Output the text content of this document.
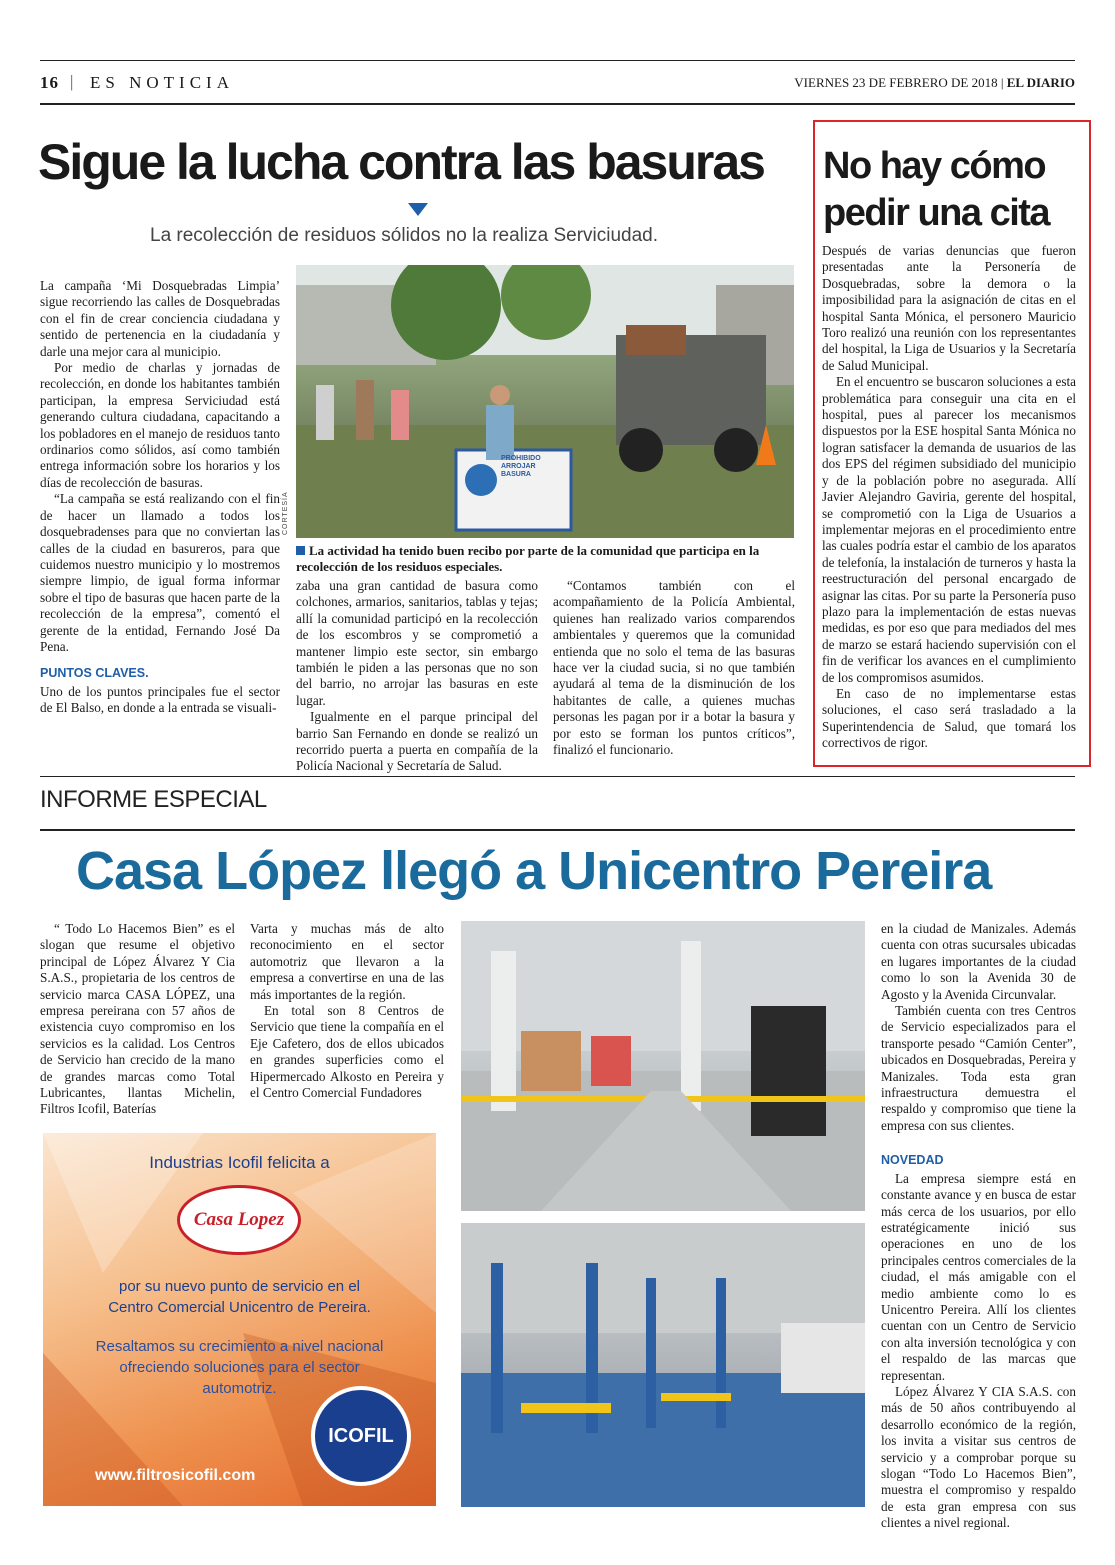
16 | ES NOTICIA	VIERNES 23 DE FEBRERO DE 2018 | EL DIARIO
Sigue la lucha contra las basuras
La recolección de residuos sólidos no la realiza Serviciudad.

La campaña ‘Mi Dosquebradas Limpia’ sigue recorriendo las calles de Dosquebradas con el fin de crear conciencia ciudadana y sentido de pertenencia en la ciudadanía y darle una mejor cara al municipio.

Por medio de charlas y jornadas de recolección, en donde los habitantes también participan, la empresa Serviciudad está generando cultura ciudadana, capacitando a los pobladores en el manejo de residuos tanto ordinarios como sólidos, así como también entrega información sobre los horarios y los días de recolección de basuras.

“La campaña se está realizando con el fin de hacer un llamado a todos los dosquebradenses para que no conviertan las calles de la ciudad en basureros, para que cuidemos nuestro municipio y lo mostremos siempre limpio, de igual forma informar sobre el tipo de basuras que hacen parte de la recolección de la empresa”, comentó el gerente de la entidad, Fernando José Da Pena.

PUNTOS CLAVES.

Uno de los puntos principales fue el sector de El Balso, en donde a la entrada se visuali-

PROHIBIDO
ARROJAR
BASURA
CORTESÍA
La actividad ha tenido buen recibo por parte de la comunidad que participa en la recolección de los residuos especiales.

zaba una gran cantidad de basura como colchones, armarios, sanitarios, tablas y tejas; allí la comunidad participó en la recolección de los escombros y se comprometió a mantener limpio este sector, sin embargo también le piden a las personas que no son del barrio, no arrojar las basuras en este lugar.

Igualmente en el parque principal del barrio San Fernando en donde se realizó un recorrido puerta a puerta en compañía de la Policía Nacional y Secretaría de Salud.

“Contamos también con el acompañamiento de la Policía Ambiental, quienes han realizado varios comparendos ambientales y queremos que la comunidad entienda que no solo el tema de las basuras hace ver la ciudad sucia, si no que también ayudará al tema de la disminución de los habitantes de calle, a quienes muchas personas les pagan por ir a botar la basura y por esto se forman los puntos críticos”, finalizó el funcionario.

No hay cómo
pedir una cita

Después de varias denuncias que fueron presentadas ante la Personería de Dosquebradas, sobre la demora o la imposibilidad para la asignación de citas en el hospital Santa Mónica, el personero Mauricio Toro realizó una reunión con los representantes del hospital, la Liga de Usuarios y la Secretaría de Salud Municipal.

En el encuentro se buscaron soluciones a esta problemática para conseguir una cita en el hospital, pues al parecer los mecanismos dispuestos por la ESE hospital Santa Mónica no logran satisfacer la demanda de usuarios de las dos EPS del régimen subsidiado del municipio y de la población pobre no asegurada. Allí Javier Alejandro Gaviria, gerente del hospital, se comprometió con la Liga de Usuarios a implementar mejoras en el procedimiento entre las cuales podría estar el cambio de los aparatos de telefonía, la instalación de turneros y hasta la reestructuración del personal encargado de asignar las citas. Por su parte la Personería puso plazo para la implementación de estas nuevas medidas, es por eso que para mediados del mes de marzo se estará haciendo supervisión con el fin de verificar los avances en el cumplimiento de los compromisos asumidos.

En caso de no implementarse estas soluciones, el caso será trasladado a la Superintendencia de Salud, que tomará los correctivos de rigor.

INFORME ESPECIAL
Casa López llegó a Unicentro Pereira

“ Todo Lo Hacemos Bien” es el slogan que resume el objetivo principal de López Álvarez Y Cia S.A.S., propietaria de los centros de servicio marca CASA LÓPEZ, una empresa pereirana con 57 años de existencia cuyo compromiso en los servicios es la calidad. Los Centros de Servicio han crecido de la mano de grandes marcas como Total Lubricantes, llantas Michelin, Filtros Icofil, Baterías

Varta y muchas más de alto reconocimiento en el sector automotriz que llevaron a la empresa a convertirse en una de las más importantes de la región.

En total son 8 Centros de Servicio que tiene la compañía en el Eje Cafetero, dos de ellos ubicados en grandes superficies como el Hipermercado Alkosto en Pereira y el Centro Comercial Fundadores

en la ciudad de Manizales. Además cuenta con otras sucursales ubicadas en lugares importantes de la ciudad como lo son la Avenida 30 de Agosto y la Avenida Circunvalar.

También cuenta con tres Centros de Servicio especializados para el transporte pesado “Camión Center”, ubicados en Dosquebradas, Pereira y Manizales. Toda esta gran infraestructura demuestra el respaldo y compromiso que tiene la empresa con sus clientes.

NOVEDAD

La empresa siempre está en constante avance y en busca de estar más cerca de los usuarios, por ello estratégicamente inició sus operaciones en uno de los principales centros comerciales de la ciudad, el más amigable con el medio ambiente como lo es Unicentro Pereira. Allí los clientes cuentan con un Centro de Servicio con alta inversión tecnológica y con el respaldo de las marcas que representan.

López Álvarez Y CIA S.A.S. con más de 50 años contribuyendo al desarrollo económico de la región, los invita a visitar sus centros de servicio y a comprobar porque su slogan “Todo Lo Hacemos Bien”, muestra el compromiso y respaldo de esta gran empresa con sus clientes a nivel regional.

Industrias Icofil felicita a
Casa Lopez
por su nuevo punto de servicio en el
Centro Comercial Unicentro de Pereira.
Resaltamos su crecimiento a nivel nacional
ofreciendo soluciones para el sector
automotriz.
ICOFIL
www.filtrosicofil.com
